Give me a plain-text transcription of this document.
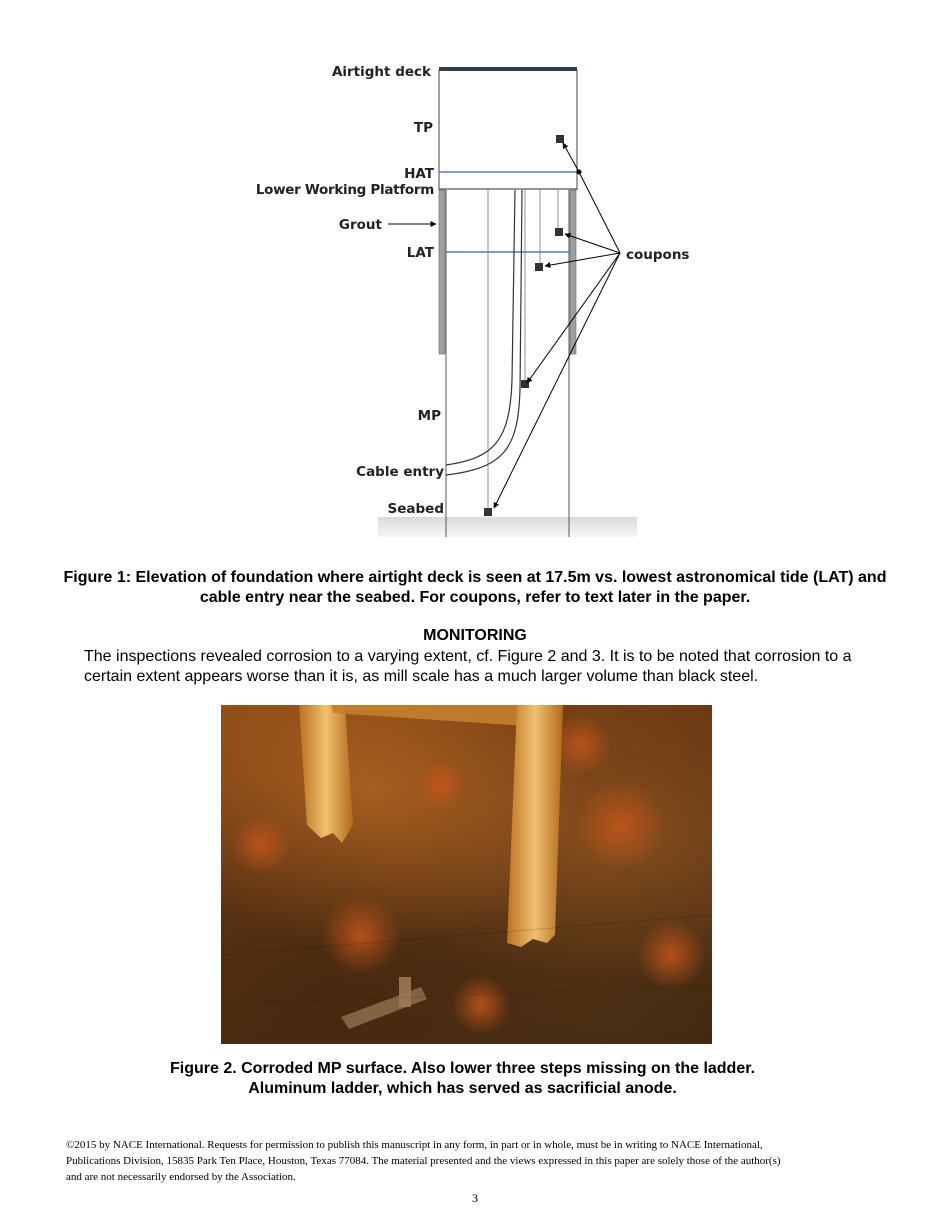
Airtight deck
TP
HAT
Lower Working Platform
Grout
LAT	coupons
MP
Cable entry
Seabed
Figure 1: Elevation of foundation where airtight deck is seen at 17.5m vs. lowest astronomical tide (LAT) and cable entry near the seabed. For coupons, refer to text later in the paper.
MONITORING
The inspections revealed corrosion to a varying extent, cf. Figure 2 and 3. It is to be noted that corrosion to a certain extent appears worse than it is, as mill scale has a much larger volume than black steel.
Figure 2. Corroded MP surface. Also lower three steps missing on the ladder.
Aluminum ladder, which has served as sacrificial anode.
©2015 by NACE International. Requests for permission to publish this manuscript in any form, in part or in whole, must be in writing to NACE International, Publications Division, 15835 Park Ten Place, Houston, Texas 77084. The material presented and the views expressed in this paper are solely those of the author(s) and are not necessarily endorsed by the Association.
3
